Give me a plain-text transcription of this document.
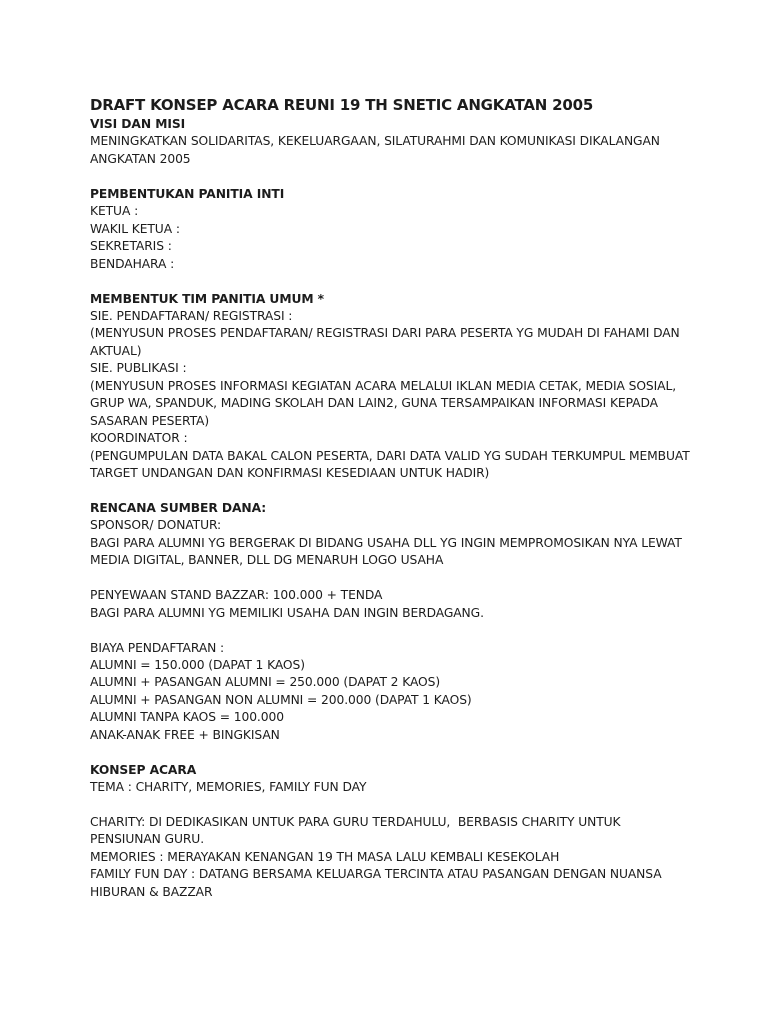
DRAFT KONSEP ACARA REUNI 19 TH SNETIC ANGKATAN 2005
VISI DAN MISI
MENINGKATKAN SOLIDARITAS, KEKELUARGAAN, SILATURAHMI DAN KOMUNIKASI DIKALANGAN ANGKATAN 2005
PEMBENTUKAN PANITIA INTI
KETUA :
WAKIL KETUA :
SEKRETARIS :
BENDAHARA :
MEMBENTUK TIM PANITIA UMUM *
SIE. PENDAFTARAN/ REGISTRASI :
(MENYUSUN PROSES PENDAFTARAN/ REGISTRASI DARI PARA PESERTA YG MUDAH DI FAHAMI DAN AKTUAL)
SIE. PUBLIKASI :
(MENYUSUN PROSES INFORMASI KEGIATAN ACARA MELALUI IKLAN MEDIA CETAK, MEDIA SOSIAL, GRUP WA, SPANDUK, MADING SKOLAH DAN LAIN2, GUNA TERSAMPAIKAN INFORMASI KEPADA SASARAN PESERTA)
KOORDINATOR :
(PENGUMPULAN DATA BAKAL CALON PESERTA, DARI DATA VALID YG SUDAH TERKUMPUL MEMBUAT TARGET UNDANGAN DAN KONFIRMASI KESEDIAAN UNTUK HADIR)
RENCANA SUMBER DANA:
SPONSOR/ DONATUR:
BAGI PARA ALUMNI YG BERGERAK DI BIDANG USAHA DLL YG INGIN MEMPROMOSIKAN NYA LEWAT MEDIA DIGITAL, BANNER, DLL DG MENARUH LOGO USAHA
PENYEWAAN STAND BAZZAR: 100.000 + TENDA
BAGI PARA ALUMNI YG MEMILIKI USAHA DAN INGIN BERDAGANG.
BIAYA PENDAFTARAN :
ALUMNI = 150.000 (DAPAT 1 KAOS)
ALUMNI + PASANGAN ALUMNI = 250.000 (DAPAT 2 KAOS)
ALUMNI + PASANGAN NON ALUMNI = 200.000 (DAPAT 1 KAOS)
ALUMNI TANPA KAOS = 100.000
ANAK-ANAK FREE + BINGKISAN
KONSEP ACARA
TEMA : CHARITY, MEMORIES, FAMILY FUN DAY
CHARITY: DI DEDIKASIKAN UNTUK PARA GURU TERDAHULU,  BERBASIS CHARITY UNTUK PENSIUNAN GURU.
MEMORIES : MERAYAKAN KENANGAN 19 TH MASA LALU KEMBALI KESEKOLAH
FAMILY FUN DAY : DATANG BERSAMA KELUARGA TERCINTA ATAU PASANGAN DENGAN NUANSA HIBURAN & BAZZAR
